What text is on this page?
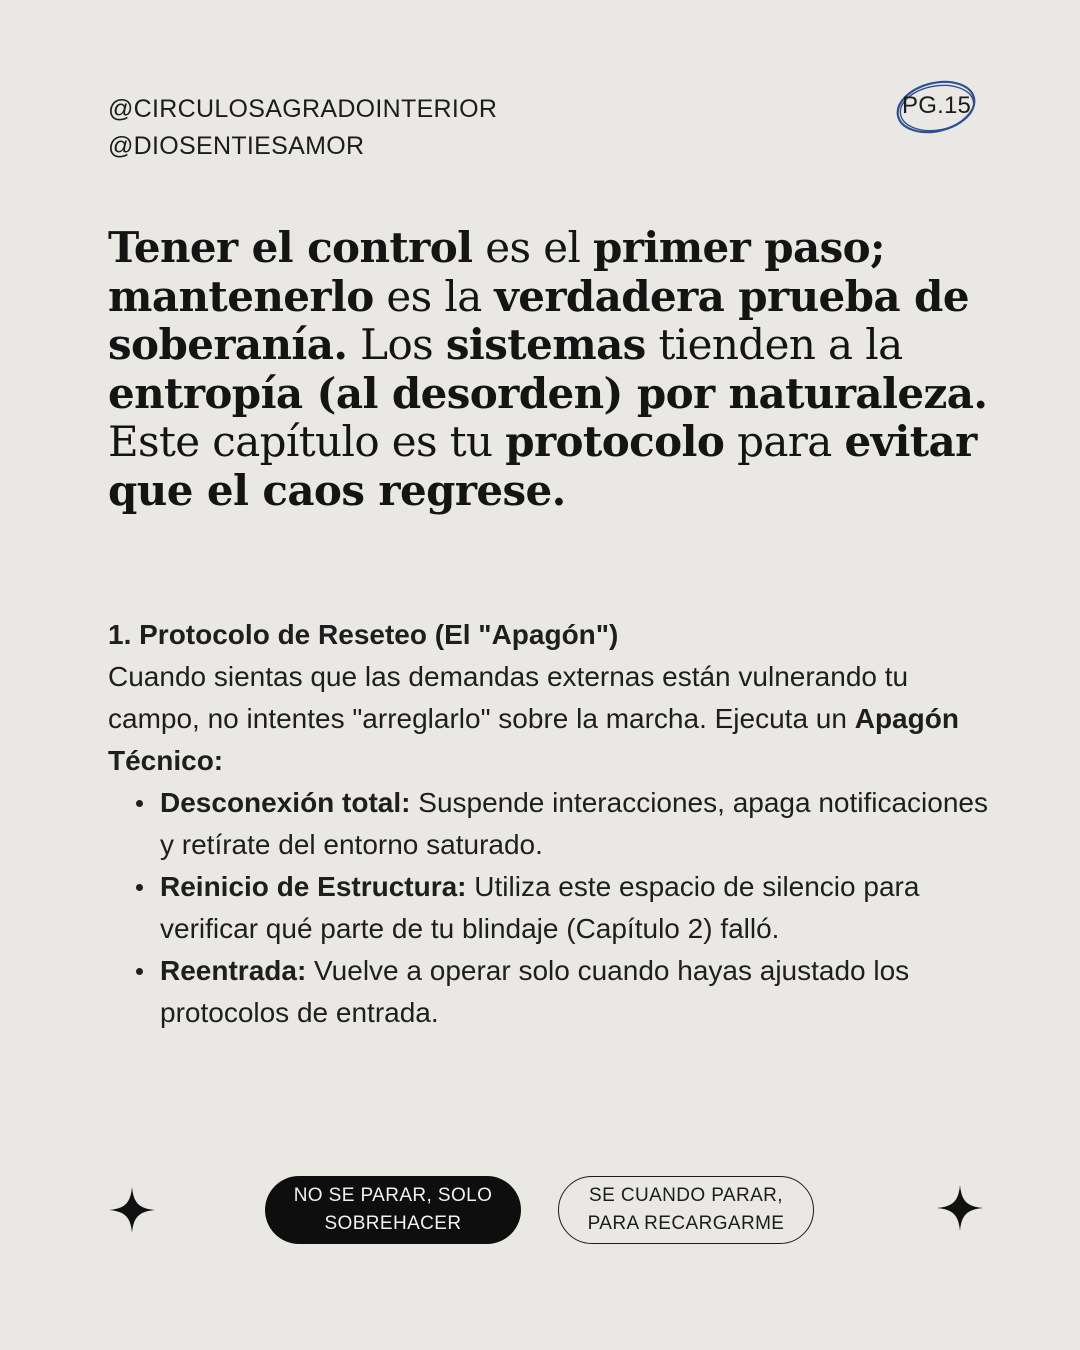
@CIRCULOSAGRADOINTERIOR
@DIOSENTIESAMOR
PG.15

Tener el control es el primer paso; mantenerlo es la verdadera prueba de soberanía. Los sistemas tienden a la entropía (al desorden) por naturaleza. Este capítulo es tu protocolo para evitar que el caos regrese.

1. Protocolo de Reseteo (El "Apagón")

Cuando sientas que las demandas externas están vulnerando tu campo, no intentes "arreglarlo" sobre la marcha. Ejecuta un Apagón Técnico:

Desconexión total: Suspende interacciones, apaga notificaciones y retírate del entorno saturado.
Reinicio de Estructura: Utiliza este espacio de silencio para verificar qué parte de tu blindaje (Capítulo 2) falló.
Reentrada: Vuelve a operar solo cuando hayas ajustado los protocolos de entrada.
NO SE PARAR, SOLO
SOBREHACER
SE CUANDO PARAR,
PARA RECARGARME
